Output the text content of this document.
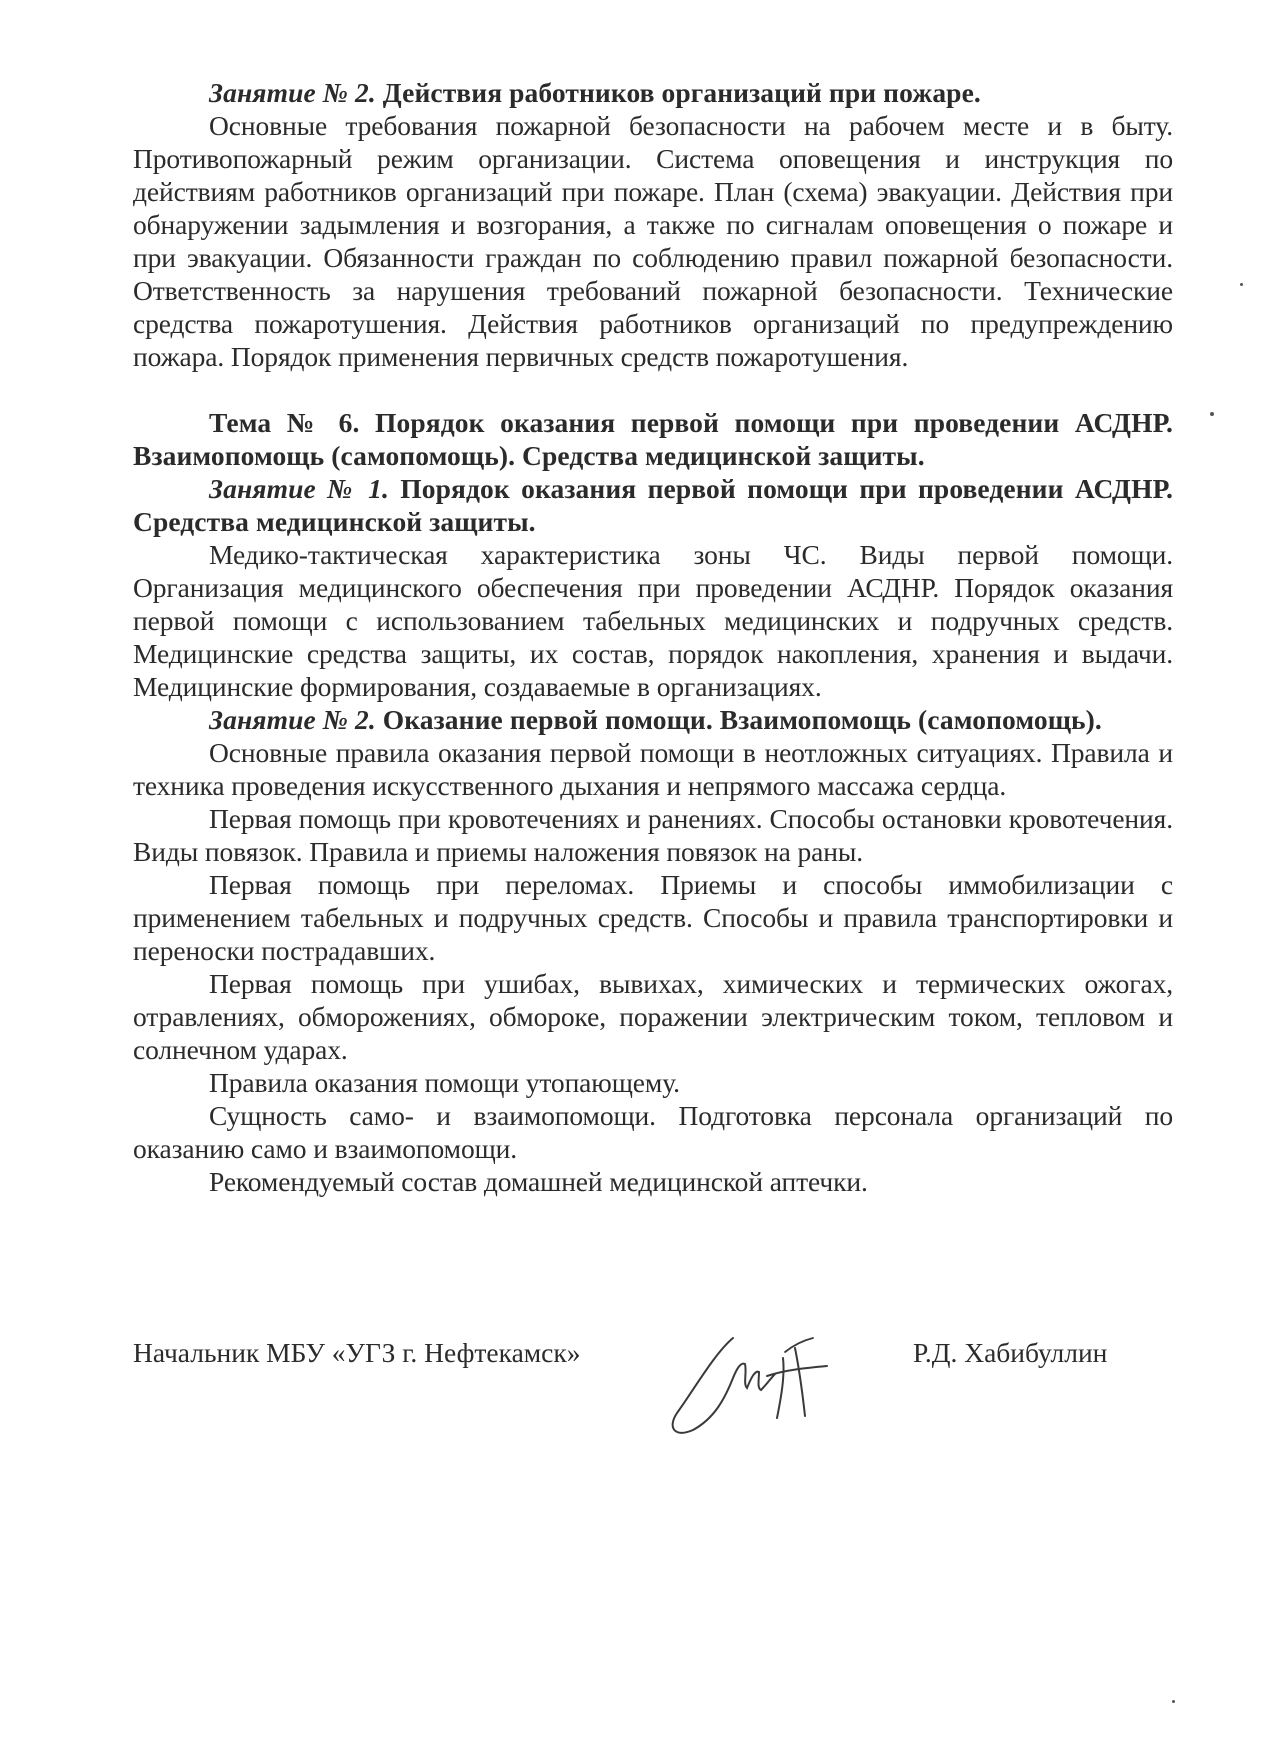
Занятие № 2. Действия работников организаций при пожаре.

Основные требования пожарной безопасности на рабочем месте и в быту. Противопожарный режим организации. Система оповещения и инструкция по действиям работников организаций при пожаре. План (схема) эвакуации. Действия при обнаружении задымления и возгорания, а также по сигналам оповещения о пожаре и при эвакуации. Обязанности граждан по соблюдению правил пожарной безопасности. Ответственность за нарушения требований пожарной безопасности. Технические средства пожаротушения. Действия работников организаций по предупреждению пожара. Порядок применения первичных средств пожаротушения.

Тема № 6. Порядок оказания первой помощи при проведении АСДНР. Взаимопомощь (самопомощь). Средства медицинской защиты.

Занятие № 1. Порядок оказания первой помощи при проведении АСДНР. Средства медицинской защиты.

Медико-тактическая характеристика зоны ЧС. Виды первой помощи. Организация медицинского обеспечения при проведении АСДНР. Порядок оказания первой помощи с использованием табельных медицинских и подручных средств. Медицинские средства защиты, их состав, порядок накопления, хранения и выдачи. Медицинские формирования, создаваемые в организациях.

Занятие № 2. Оказание первой помощи. Взаимопомощь (самопомощь).

Основные правила оказания первой помощи в неотложных ситуациях. Правила и техника проведения искусственного дыхания и непрямого массажа сердца.

Первая помощь при кровотечениях и ранениях. Способы остановки кровотечения. Виды повязок. Правила и приемы наложения повязок на раны.

Первая помощь при переломах. Приемы и способы иммобилизации с применением табельных и подручных средств. Способы и правила транспортировки и переноски пострадавших.

Первая помощь при ушибах, вывихах, химических и термических ожогах, отравлениях, обморожениях, обмороке, поражении электрическим током, тепловом и солнечном ударах.

Правила оказания помощи утопающему.

Сущность само- и взаимопомощи. Подготовка персонала организаций по оказанию само и взаимопомощи.

Рекомендуемый состав домашней медицинской аптечки.

Начальник МБУ «УГЗ г. Нефтекамск»	Р.Д. Хабибуллин
